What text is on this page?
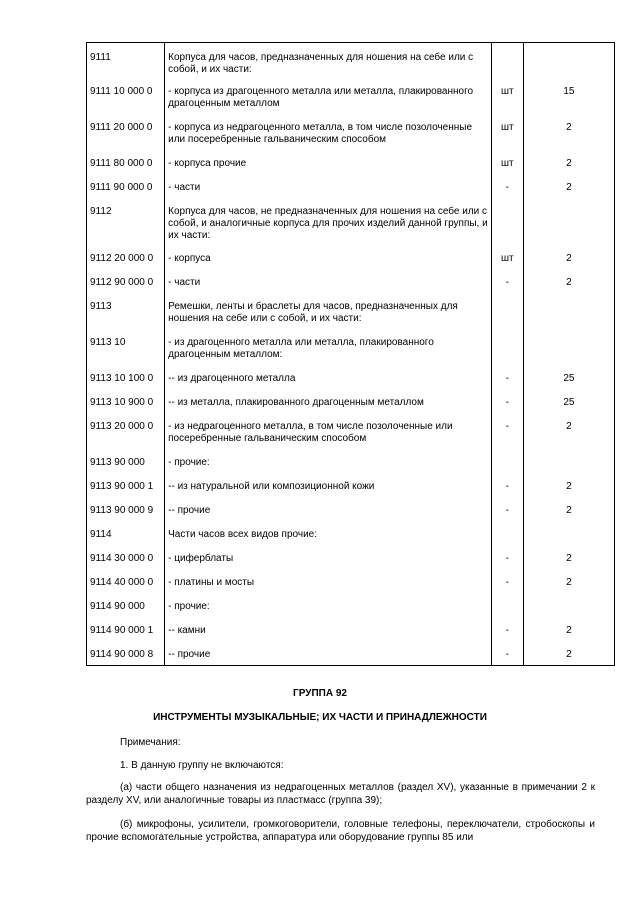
9111	Корпуса для часов, предназначенных для ношения на себе или с собой, и их части:		

9111 10 000 0	- корпуса из драгоценного металла или металла, плакированного драгоценным металлом	шт	15

9111 20 000 0	- корпуса из недрагоценного металла, в том числе позолоченные или посеребренные гальваническим способом	шт	2

9111 80 000 0	- корпуса прочие	шт	2

9111 90 000 0	- части	-	2

9112	Корпуса для часов, не предназначенных для ношения на себе или с собой, и аналогичные корпуса для прочих изделий данной группы, и их части:		

9112 20 000 0	- корпуса	шт	2

9112 90 000 0	- части	-	2

9113	Ремешки, ленты и браслеты для часов, предназначенных для ношения на себе или с собой, и их части:		

9113 10	- из драгоценного металла или металла, плакированного драгоценным металлом:		

9113 10 100 0	-- из драгоценного металла	-	25

9113 10 900 0	-- из металла, плакированного драгоценным металлом	-	25

9113 20 000 0	- из недрагоценного металла, в том числе позолоченные или посеребренные гальваническим способом	-	2

9113 90 000	- прочие:		

9113 90 000 1	-- из натуральной или композиционной кожи	-	2

9113 90 000 9	-- прочие	-	2

9114	Части часов всех видов прочие:		

9114 30 000 0	- циферблаты	-	2

9114 40 000 0	- платины и мосты	-	2

9114 90 000	- прочие:		

9114 90 000 1	-- камни	-	2

9114 90 000 8	-- прочие	-	2
ГРУППА 92
ИНСТРУМЕНТЫ МУЗЫКАЛЬНЫЕ; ИХ ЧАСТИ И ПРИНАДЛЕЖНОСТИ
Примечания:
1. В данную группу не включаются:
(а) части общего назначения из недрагоценных металлов (раздел XV), указанные в примечании 2 к разделу XV, или аналогичные товары из пластмасс (группа 39);
(б) микрофоны, усилители, громкоговорители, головные телефоны, переключатели, стробоскопы и прочие вспомогательные устройства, аппаратура или оборудование группы 85 или
